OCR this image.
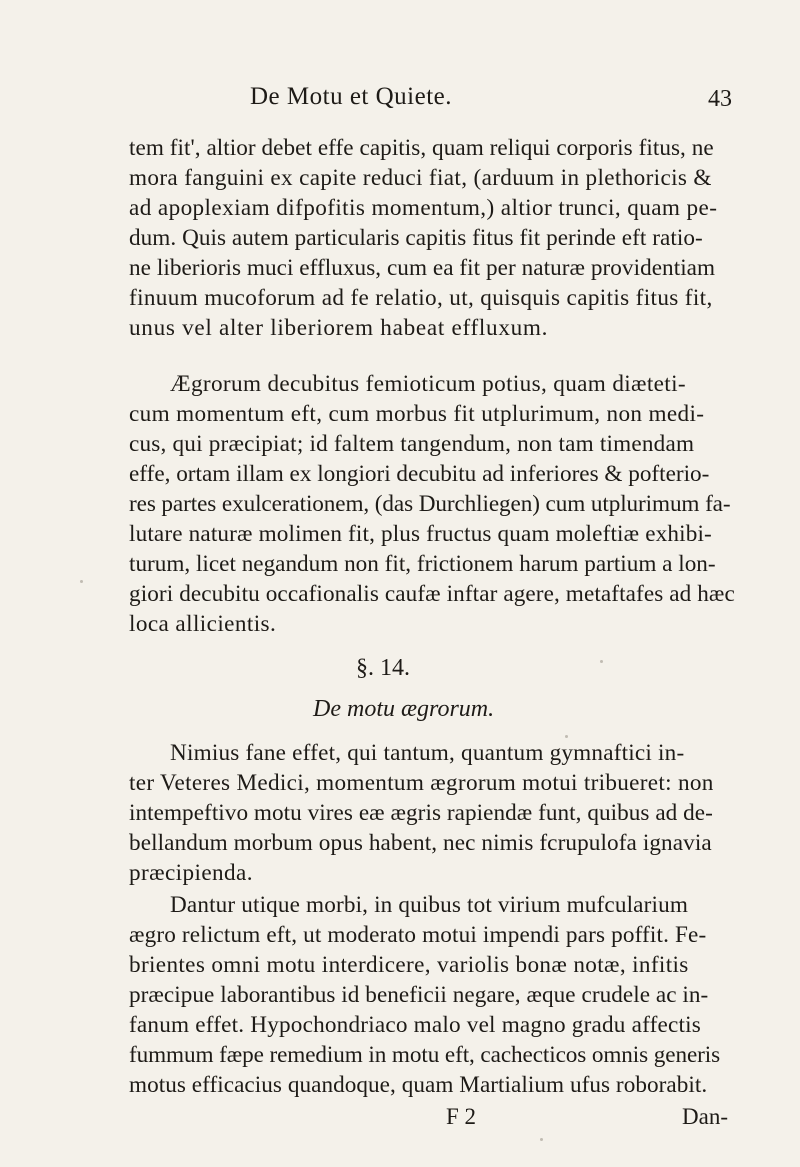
De Motu et Quiete.	43
tem fit', altior debet effe capitis, quam reliqui corporis fitus, ne
mora fanguini ex capite reduci fiat, (arduum in plethoricis &
ad apoplexiam difpofitis momentum,) altior trunci, quam pe-
dum. Quis autem particularis capitis fitus fit perinde eft ratio-
ne liberioris muci effluxus, cum ea fit per naturæ providentiam
finuum mucoforum ad fe relatio, ut, quisquis capitis fitus fit,
unus vel alter liberiorem habeat effluxum.
Ægrorum decubitus femioticum potius, quam diæteti-
cum momentum eft, cum morbus fit utplurimum, non medi-
cus, qui præcipiat; id faltem tangendum, non tam timendam
effe, ortam illam ex longiori decubitu ad inferiores & pofterio-
res partes exulcerationem, (das Durchliegen) cum utplurimum fa-
lutare naturæ molimen fit, plus fructus quam moleftiæ exhibi-
turum, licet negandum non fit, frictionem harum partium a lon-
giori decubitu occafionalis caufæ inftar agere, metaftafes ad hæc
loca allicientis.
§. 14.
De motu ægrorum.
Nimius fane effet, qui tantum, quantum gymnaftici in-
ter Veteres Medici, momentum ægrorum motui tribueret: non
intempeftivo motu vires eæ ægris rapiendæ funt, quibus ad de-
bellandum morbum opus habent, nec nimis fcrupulofa ignavia
præcipienda.
Dantur utique morbi, in quibus tot virium mufcularium
ægro relictum eft, ut moderato motui impendi pars poffit. Fe-
brientes omni motu interdicere, variolis bonæ notæ, infitis
præcipue laborantibus id beneficii negare, æque crudele ac in-
fanum effet. Hypochondriaco malo vel magno gradu affectis
fummum fæpe remedium in motu eft, cachecticos omnis generis
motus efficacius quandoque, quam Martialium ufus roborabit.
F 2	Dan-
